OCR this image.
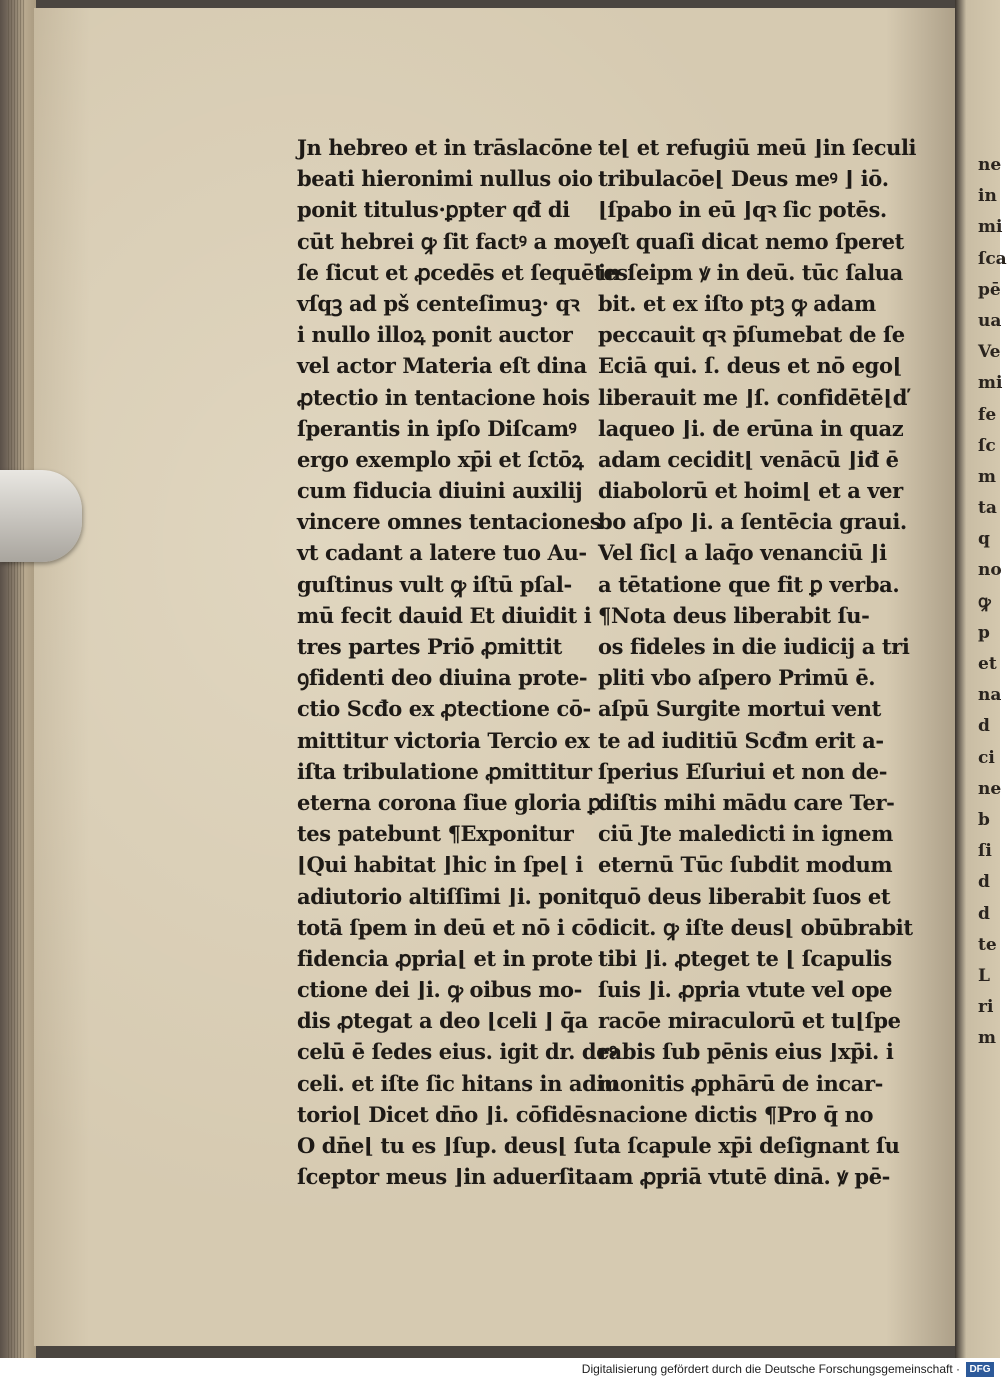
Jn hebreo et in trāslacōne
beati hieronimi nullus oio
ponit titulus·ꝑpter qđ di
cūt hebrei ꝙ ſit factꝰ a moy
ſe ſicut et ꝓcedēs et ſequētes
vſqꝫ ad pš centeſimuꝫ· qꝛ
i nullo illoꝝ ponit auctor
vel actor Materia eſt dina
ꝓtectio in tentacione hois
ſperantis in ipſo Diſcamꝰ
ergo exemplo xp̄i et ſctōꝝ
cum fiducia diuini auxilij
vincere omnes tentaciones
vt cadant a latere tuo Au-
guſtinus vult ꝙ iſtū pſal-
mū fecit dauid Et diuidit i
tres partes Priō ꝓmittit
ꝯfidenti deo diuina prote-
ctio Scđo ex ꝓtectione cō-
mittitur victoria Tercio ex
iſta tribulatione ꝓmittitur
eterna corona ſiue gloria ꝑ
tes patebunt ¶Exponitur
⌊Qui habitat ⌋hic in ſpe⌊ i
adiutorio altiſſimi ⌋i. ponit
totā ſpem in deū et nō i cō
fidencia ꝓpria⌊ et in prote
ctione dei ⌋i. ꝙ oibus mo-
dis ꝓtegat a deo ⌊celi ⌋ q̄a
celū ē ſedes eius. igit dr. deꝰ
celi. et iſte ſic hitans in adiu
torio⌊ Dicet dn̄o ⌋i. cōfidēs
O dn̄e⌊ tu es ⌋ſup. deus⌊ ſu
ſceptor meus ⌋in aduerſita
te⌊ et refugiū meū ⌋in ſeculi
tribulacōe⌊ Deus meꝰ ⌋ iō.
⌊ſpabo in eū ⌋qꝛ ſic potēs.
eſt quaſi dicat nemo ſperet
in ſeipm ꝟ in deū. tūc ſalua
bit. et ex iſto ptꝫ ꝙ adam
peccauit qꝛ p̄ſumebat de ſe
Eciā qui. ſ. deus et nō ego⌊
liberauit me ⌋ſ. confidētē⌊ď
laqueo ⌋i. de erūna in quaz
adam cecidit⌊ venācū ⌋iđ ē
diabolorū et hoim⌊ et a ver
bo aſpo ⌋i. a ſentēcia graui.
Vel ſic⌊ a laq̄o venanciū ⌋i
a tētatione que fit ꝑ verba.
¶Nota deus liberabit ſu-
os fideles in die iudicij a tri
pliti vbo aſpero Primū ē.
aſpū Surgite mortui vent
te ad iuditiū Scđm erit a-
ſperius Eſuriui et non de-
diſtis mihi mādu care Ter-
ciū Jte maledicti in ignem
eternū Tūc ſubdit modum
quō deus liberabit ſuos et
dicit. ꝙ iſte deus⌊ obūbrabit
tibi ⌋i. ꝓteget te ⌊ ſcapulis
ſuis ⌋i. ꝓpria vtute vel ope
racōe miraculorū et tu⌊ſpe
rabis ſub pēnis eius ⌋xp̄i. i
monitis ꝓphārū de incar-
nacione dictis ¶Pro q̄ no
ta ſcapule xp̄i deſignant ſu
am ꝓpriā vtutē dinā. ꝟ pē-
ne
in
mi
ſca
pē
ua
Ve
mi
fe
ſc
m
ta
q
no
ꝙ
p
et
na
d
ci
ne
b
ſi
d
d
te
L
ri
m
Digitalisierung gefördert durch die Deutsche Forschungsgemeinschaft · DFG
